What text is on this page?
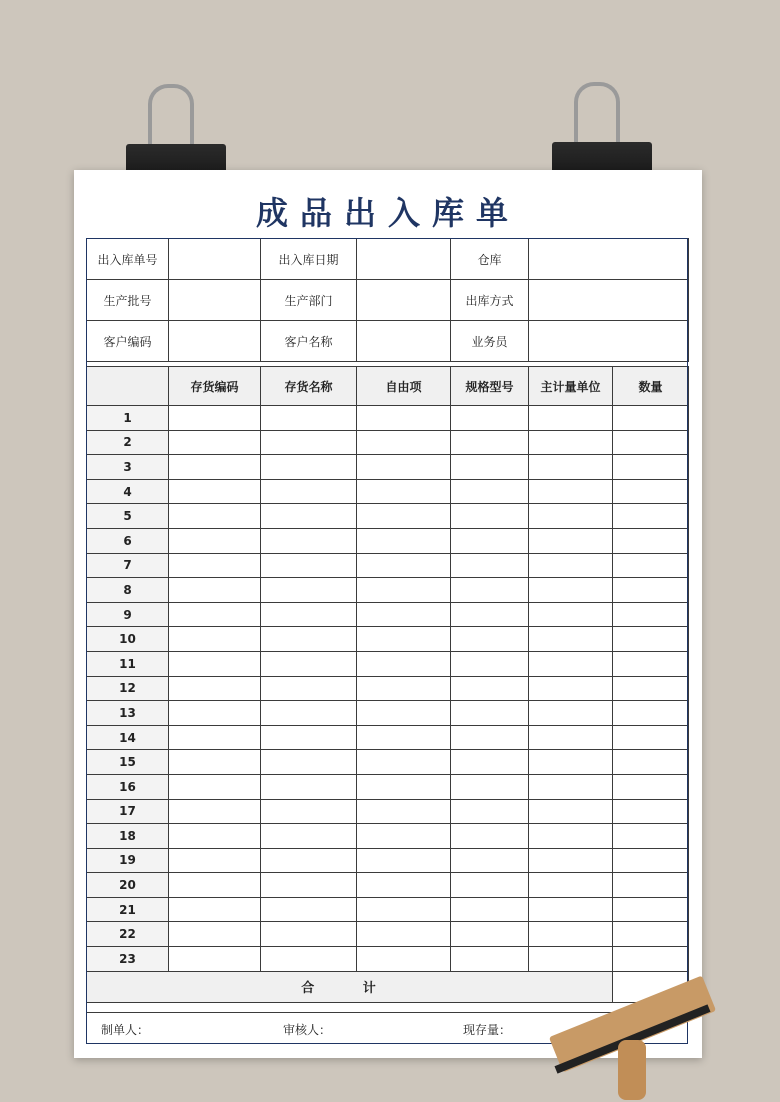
成品出入库单
出入库单号		出入库日期		仓库	
生产批号		生产部门		出库方式	
客户编码		客户名称		业务员	
	存货编码	存货名称	自由项	规格型号	主计量单位	数量
1						
2						
3						
4						
5						
6						
7						
8						
9						
10						
11						
12						
13						
14						
15						
16						
17						
18						
19						
20						
21						
22						
23						
合 计						
制单人：	审核人：	现存量：
